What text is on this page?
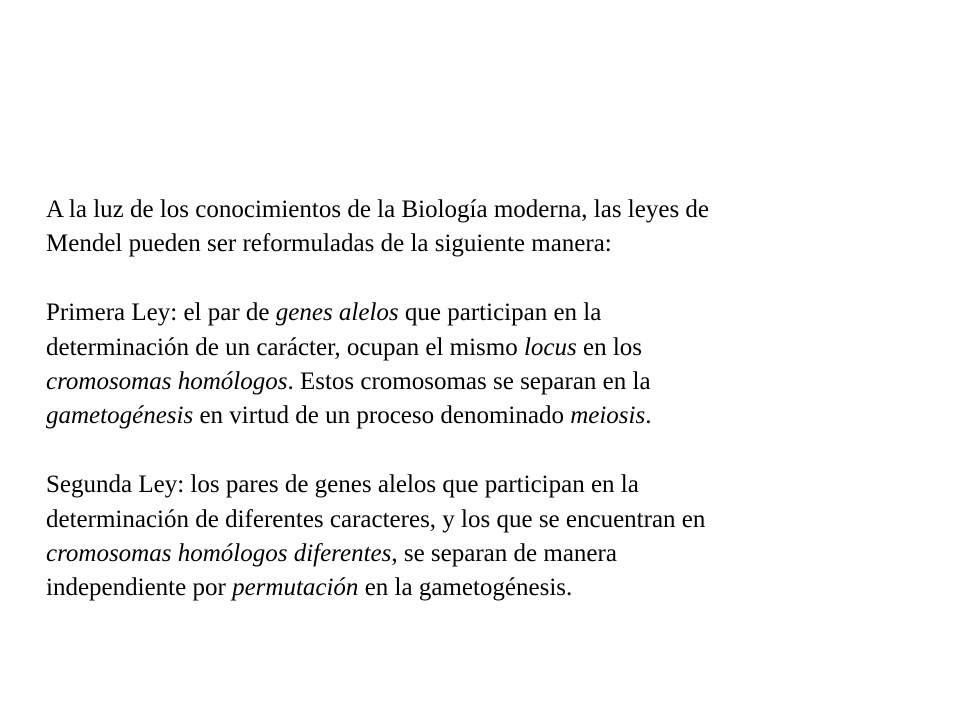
A la luz de los conocimientos de la Biología moderna, las leyes de
Mendel pueden ser reformuladas de la siguiente manera:

Primera Ley: el par de genes alelos que participan en la
determinación de un carácter, ocupan el mismo locus en los
cromosomas homólogos. Estos cromosomas se separan en la
gametogénesis en virtud de un proceso denominado meiosis.

Segunda Ley: los pares de genes alelos que participan en la
determinación de diferentes caracteres, y los que se encuentran en
cromosomas homólogos diferentes, se separan de manera
independiente por permutación en la gametogénesis.
